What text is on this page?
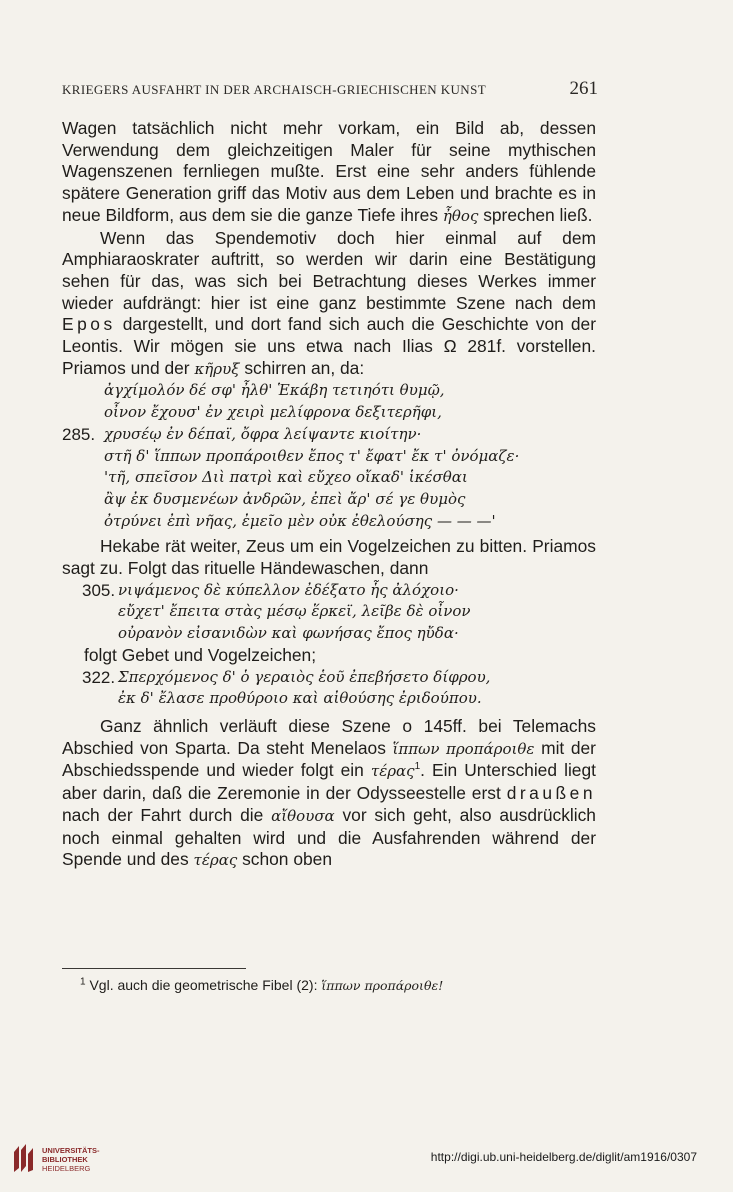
KRIEGERS AUSFAHRT IN DER ARCHAISCH-GRIECHISCHEN KUNST	261

Wagen tatsächlich nicht mehr vorkam, ein Bild ab, dessen Verwendung dem gleichzeitigen Maler für seine mythischen Wagenszenen fernliegen mußte. Erst eine sehr anders fühlende spätere Generation griff das Motiv aus dem Leben und brachte es in neue Bildform, aus dem sie die ganze Tiefe ihres ἦθος sprechen ließ.

Wenn das Spendemotiv doch hier einmal auf dem Amphiaraoskrater auftritt, so werden wir darin eine Bestätigung sehen für das, was sich bei Betrachtung dieses Werkes immer wieder aufdrängt: hier ist eine ganz bestimmte Szene nach dem Epos dargestellt, und dort fand sich auch die Geschichte von der Leontis. Wir mögen sie uns etwa nach Ilias Ω 281f. vorstellen. Priamos und der κῆρυξ schirren an, da:

ἀγχίμολόν δέ σφ' ἦλθ' Ἑκάβη τετιηότι θυμῷ,

οἶνον ἔχουσ' ἐν χειρὶ μελίφρονα δεξιτερῆφι,

285. χρυσέῳ ἐν δέπαϊ, ὄφρα λείψαντε κιοίτην·

στῆ δ' ἵππων προπάροιθεν ἔπος τ' ἔφατ' ἔκ τ' ὀνόμαζε·

'τῆ, σπεῖσον Διὶ πατρὶ καὶ εὔχεο οἴκαδ' ἱκέσθαι

ἂψ ἐκ δυσμενέων ἀνδρῶν, ἐπεὶ ἄρ' σέ γε θυμὸς

ὀτρύνει ἐπὶ νῆας, ἐμεῖο μὲν οὐκ ἐθελούσης — — —'

Hekabe rät weiter, Zeus um ein Vogelzeichen zu bitten. Priamos sagt zu. Folgt das rituelle Händewaschen, dann

305. νιψάμενος δὲ κύπελλον ἐδέξατο ἧς ἀλόχοιο·

εὔχετ' ἔπειτα στὰς μέσῳ ἕρκεϊ, λεῖβε δὲ οἶνον

οὐρανὸν εἰσανιδὼν καὶ φωνήσας ἔπος ηὔδα·

folgt Gebet und Vogelzeichen;

322. Σπερχόμενος δ' ὁ γεραιὸς ἑοῦ ἐπεβήσετο δίφρου,

ἐκ δ' ἔλασε προθύροιο καὶ αἰθούσης ἐριδούπου.

Ganz ähnlich verläuft diese Szene ο 145ff. bei Telemachs Abschied von Sparta. Da steht Menelaos ἵππων προπάροιθε mit der Abschiedsspende und wieder folgt ein τέρας$^1$. Ein Unterschied liegt aber darin, daß die Zeremonie in der Odysseestelle erst draußen nach der Fahrt durch die αἴθουσα vor sich geht, also ausdrücklich noch einmal gehalten wird und die Ausfahrenden während der Spende und des τέρας schon oben

$^1$ Vgl. auch die geometrische Fibel (2): ἵππων προπάροιθε!
UNIVERSITÄTS-
BIBLIOTHEK
HEIDELBERG
http://digi.ub.uni-heidelberg.de/diglit/am1916/0307
